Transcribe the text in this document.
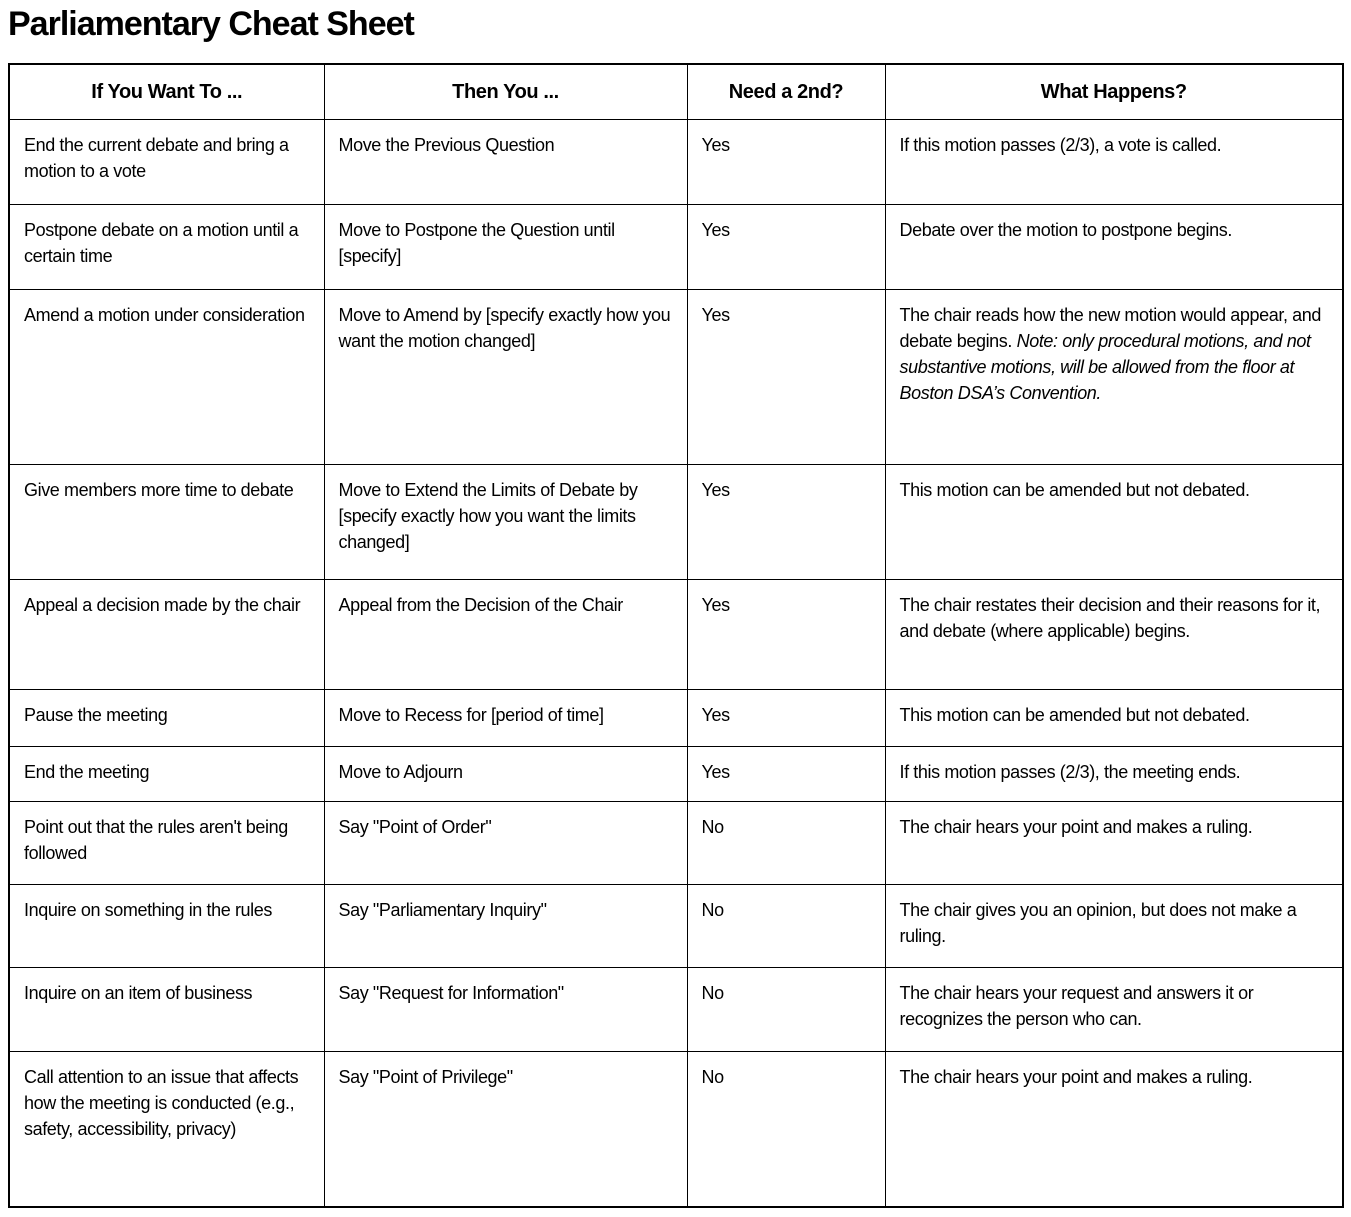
Parliamentary Cheat Sheet
If You Want To ...	Then You ...	Need a 2nd?	What Happens?
End the current debate and bring a motion to a vote	Move the Previous Question	Yes	If this motion passes (2/3), a vote is called.
Postpone debate on a motion until a certain time	Move to Postpone the Question until [specify]	Yes	Debate over the motion to postpone begins.
Amend a motion under consideration	Move to Amend by [specify exactly how you want the motion changed]	Yes	The chair reads how the new motion would appear, and debate begins. Note: only procedural motions, and not substantive motions, will be allowed from the floor at Boston DSA’s Convention.
Give members more time to debate	Move to Extend the Limits of Debate by [specify exactly how you want the limits changed]	Yes	This motion can be amended but not debated.
Appeal a decision made by the chair	Appeal from the Decision of the Chair	Yes	The chair restates their decision and their reasons for it, and debate (where applicable) begins.
Pause the meeting	Move to Recess for [period of time]	Yes	This motion can be amended but not debated.
End the meeting	Move to Adjourn	Yes	If this motion passes (2/3), the meeting ends.
Point out that the rules aren't being followed	Say "Point of Order"	No	The chair hears your point and makes a ruling.
Inquire on something in the rules	Say "Parliamentary Inquiry"	No	The chair gives you an opinion, but does not make a ruling.
Inquire on an item of business	Say "Request for Information"	No	The chair hears your request and answers it or recognizes the person who can.
Call attention to an issue that affects how the meeting is conducted (e.g., safety, accessibility, privacy)	Say "Point of Privilege"	No	The chair hears your point and makes a ruling.
